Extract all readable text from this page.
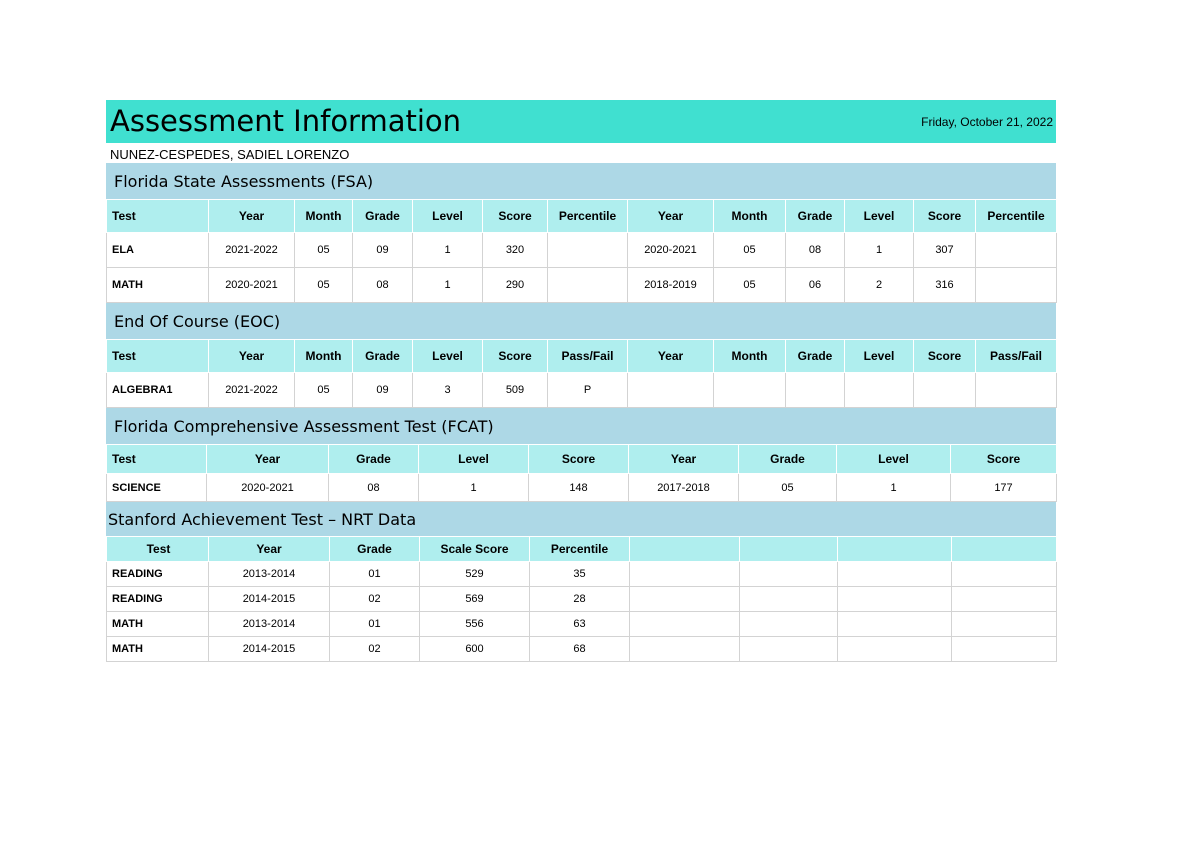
Assessment Information	Friday, October 21, 2022
NUNEZ-CESPEDES, SADIEL LORENZO
Florida State Assessments (FSA)
Test	Year	Month	Grade	Level	Score	Percentile	Year	Month	Grade	Level	Score	Percentile
ELA	2021-2022	05	09	1	320		2020-2021	05	08	1	307	
MATH	2020-2021	05	08	1	290		2018-2019	05	06	2	316	
End Of Course (EOC)
Test	Year	Month	Grade	Level	Score	Pass/Fail	Year	Month	Grade	Level	Score	Pass/Fail
ALGEBRA1	2021-2022	05	09	3	509	P						
Florida Comprehensive Assessment Test (FCAT)
Test	Year	Grade	Level	Score	Year	Grade	Level	Score
SCIENCE	2020-2021	08	1	148	2017-2018	05	1	177
Stanford Achievement Test – NRT Data
Test	Year	Grade	Scale Score	Percentile				
READING	2013-2014	01	529	35				
READING	2014-2015	02	569	28				
MATH	2013-2014	01	556	63				
MATH	2014-2015	02	600	68				
